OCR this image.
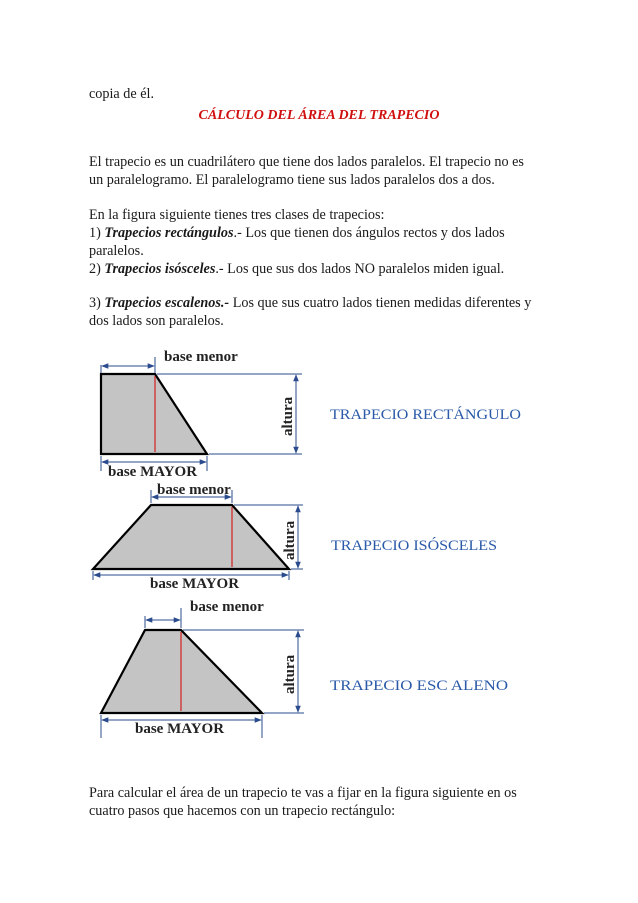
copia de él.

CÁLCULO DEL ÁREA DEL TRAPECIO

El trapecio es un cuadrilátero que tiene dos lados paralelos. El trapecio no es

un paralelogramo. El paralelogramo tiene sus lados paralelos dos a dos.

En la figura siguiente tienes tres clases de trapecios:

1) Trapecios rectángulos.- Los que tienen dos ángulos rectos y dos lados

paralelos.

2) Trapecios isósceles.- Los que sus dos lados NO paralelos miden igual.

3) Trapecios escalenos.- Los que sus cuatro lados tienen medidas diferentes y

dos lados son paralelos.

base menor
base MAYOR
altura TRAPECIO RECTÁNGULO
base menor
base MAYOR
altura TRAPECIO ISÓSCELES
base menor
base MAYOR
altura TRAPECIO ESC ALENO

Para calcular el área de un trapecio te vas a fijar en la figura siguiente en os

cuatro pasos que hacemos con un trapecio rectángulo:
